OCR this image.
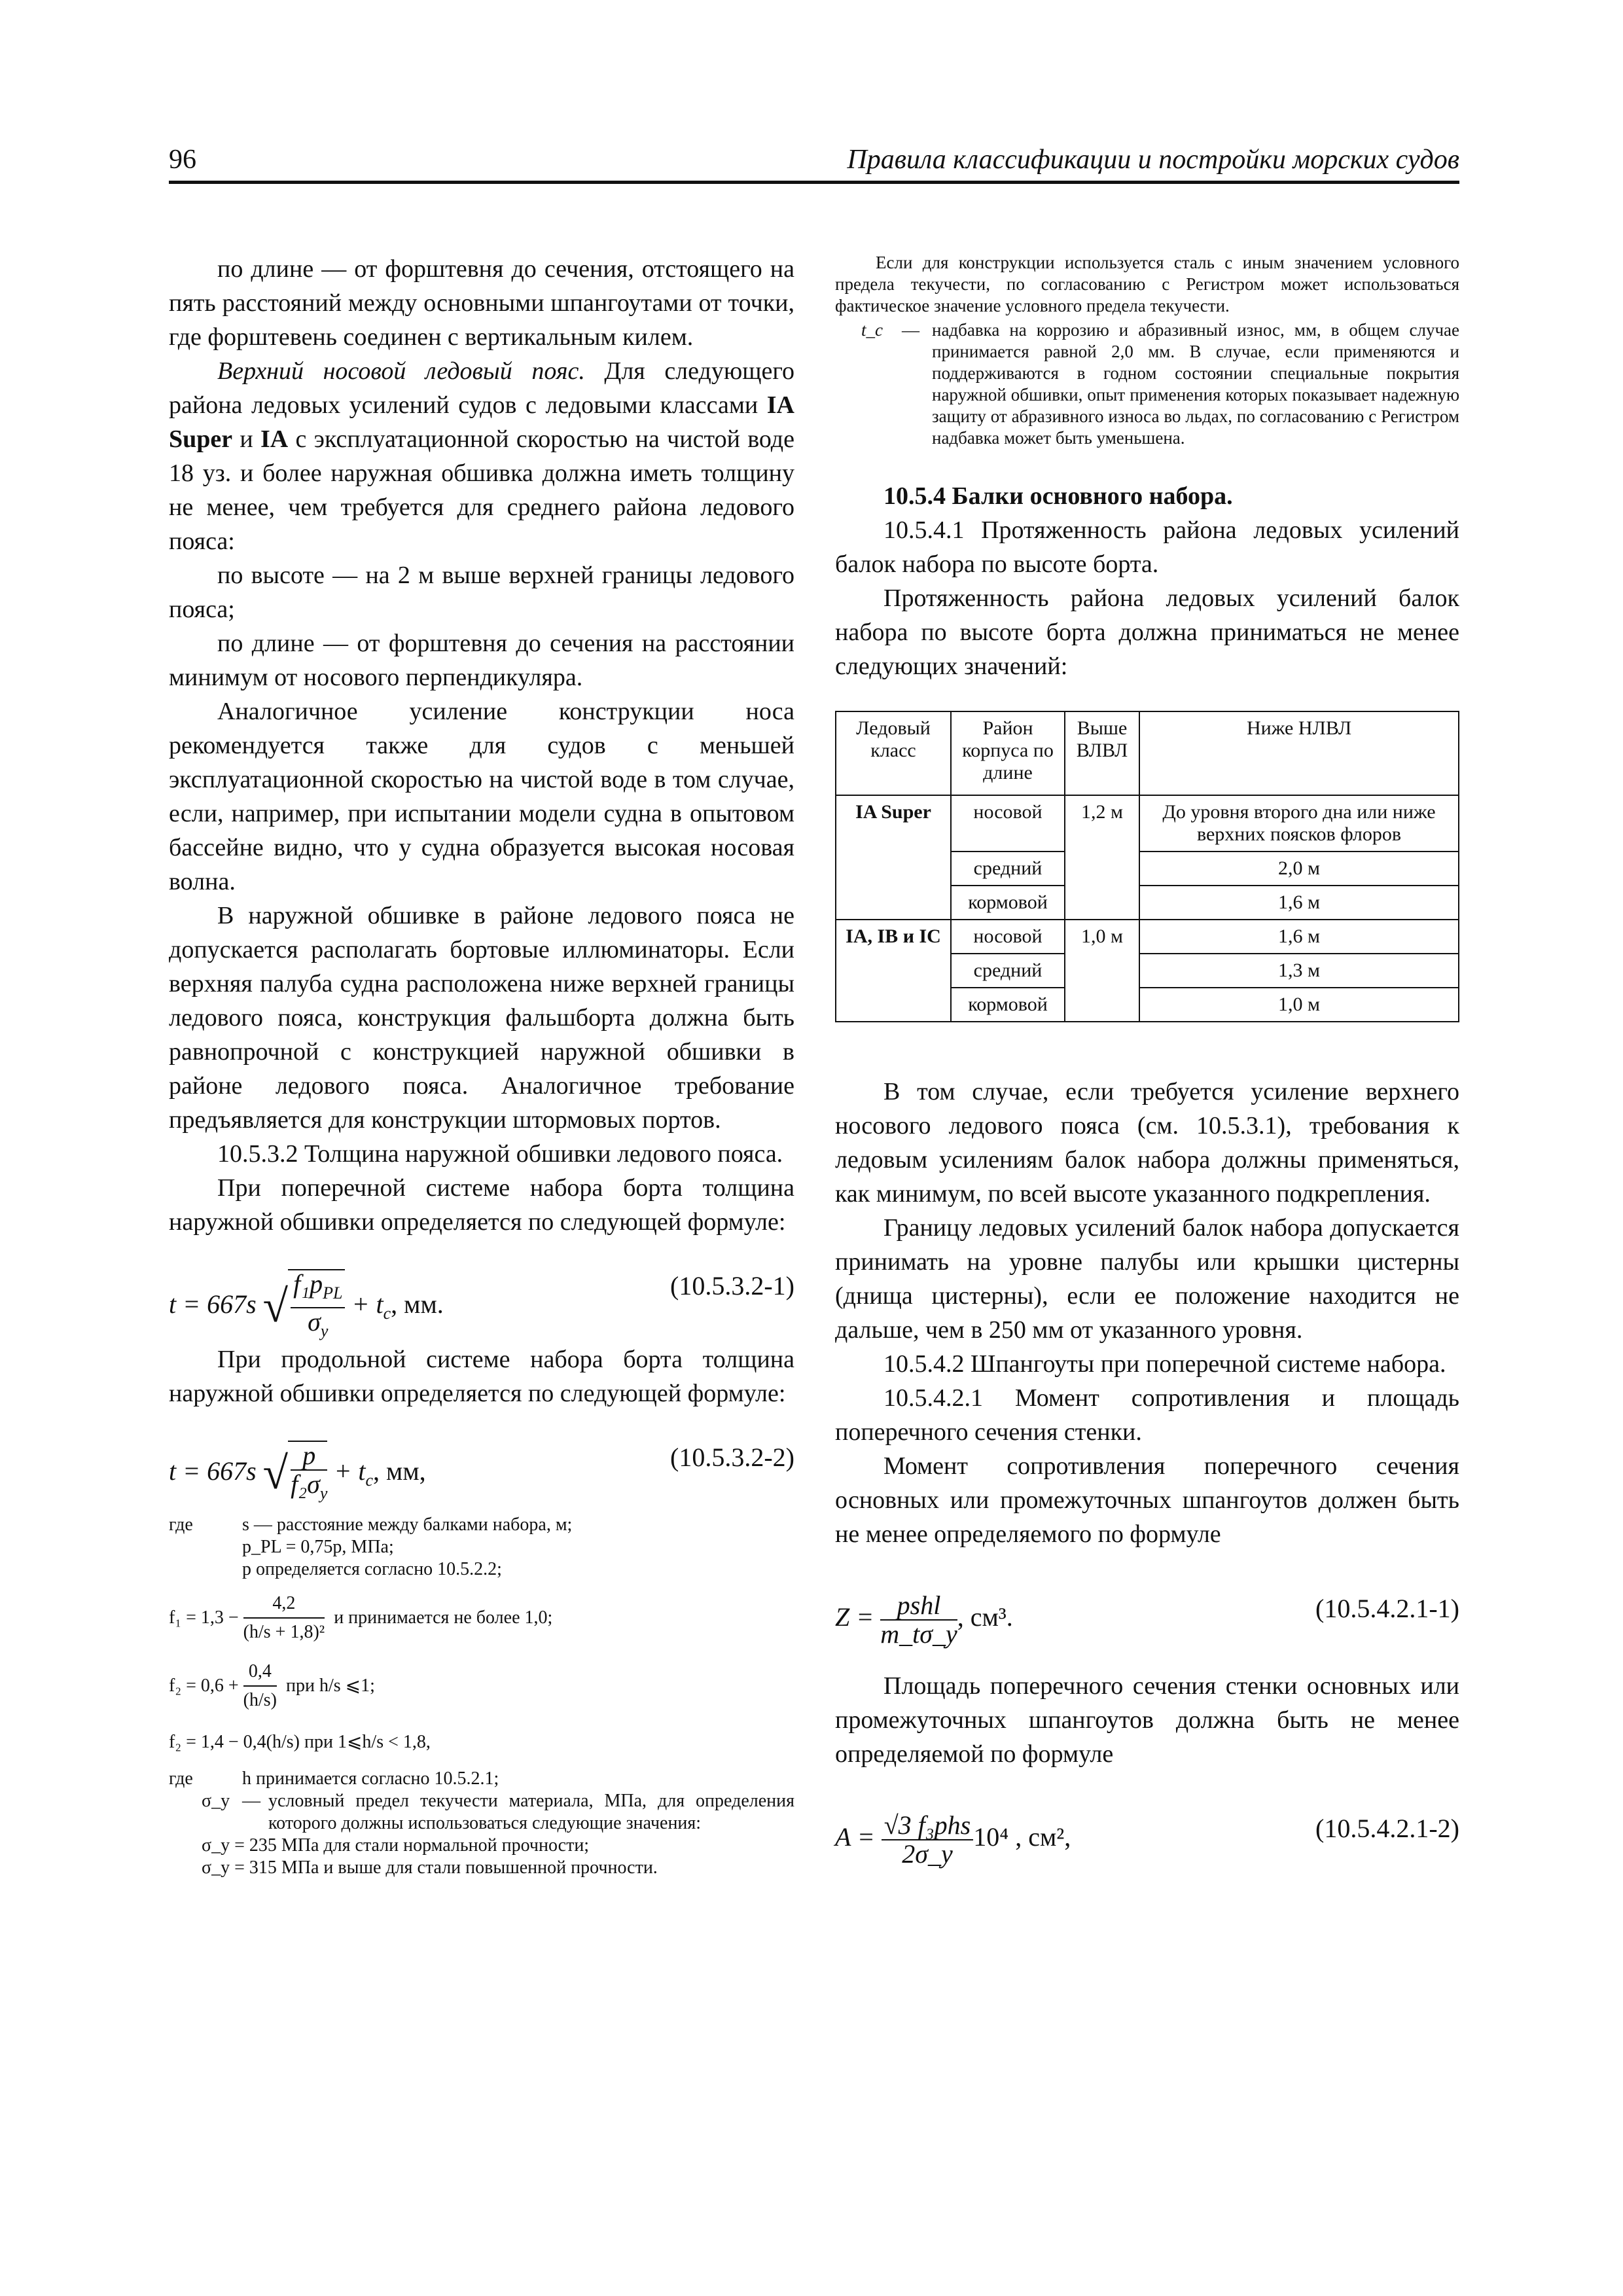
96	Правила классификации и постройки морских судов

по длине — от форштевня до сечения, отстоящего на пять расстояний между основными шпангоутами от точки, где форштевень соединен с вертикальным килем.

Верхний носовой ледовый пояс. Для следующего района ледовых усилений судов с ледовыми классами IA Super и IA с эксплуатационной скоростью на чистой воде 18 уз. и более наружная обшивка должна иметь толщину не менее, чем требуется для среднего района ледового пояса:

по высоте — на 2 м выше верхней границы ледового пояса;

по длине — от форштевня до сечения на расстоянии минимум от носового перпендикуляра.

Аналогичное усиление конструкции носа рекомендуется также для судов с меньшей эксплуатационной скоростью на чистой воде в том случае, если, например, при испытании модели судна в опытовом бассейне видно, что у судна образуется высокая носовая волна.

В наружной обшивке в районе ледового пояса не допускается располагать бортовые иллюминаторы. Если верхняя палуба судна расположена ниже верхней границы ледового пояса, конструкция фальшборта должна быть равнопрочной с конструкцией наружной обшивки в районе ледового пояса. Аналогичное требование предъявляется для конструкции штормовых портов.

10.5.3.2 Толщина наружной обшивки ледового пояса.

При поперечной системе набора борта толщина наружной обшивки определяется по следующей формуле:

t = 667s √ $\frac{f_1p_{PL}}{\sigma_y} + t_c$, мм.
(10.5.3.2-1)

При продольной системе набора борта толщина наружной обшивки определяется по следующей формуле:

t = 667s √ $\frac{p}{f_2\sigma_y} + t_c$, мм,	(10.5.3.2-2)
где	s — расстояние между балками набора, м;
p_PL = 0,75p, МПа;
p определяется согласно 10.5.2.2;
f₁ = 1,3 −
$\frac{4,2}{\text{(h/s + 1,8)²}}$
и принимается не более 1,0;
f₂ = 0,6 +
$\frac{0,4}{(h/s)}$
при h/s ⩽1;
f₂ = 1,4 − 0,4(h/s) при 1⩽h/s < 1,8,
где	h принимается согласно 10.5.2.1;
σ_y — условный предел текучести материала, МПа, для определения которого должны использоваться следующие значения:
σ_y = 235 МПа для стали нормальной прочности;
σ_y = 315 МПа и выше для стали повышенной прочности.

Если для конструкции используется сталь с иным значением условного предела текучести, по согласованию с Регистром может использоваться фактическое значение условного предела текучести.

t_c	— надбавка на коррозию и абразивный износ, мм, в общем случае принимается равной 2,0 мм. В случае, если применяются и поддерживаются в годном состоянии специальные покрытия наружной обшивки, опыт применения которых показывает надежную защиту от абразивного износа во льдах, по согласованию с Регистром надбавка может быть уменьшена.

10.5.4 Балки основного набора.

10.5.4.1 Протяженность района ледовых усилений балок набора по высоте борта.

Протяженность района ледовых усилений балок набора по высоте борта должна приниматься не менее следующих значений:

Ледовый класс	Район корпуса по длине	Выше ВЛВЛ	Ниже НЛВЛ
IA Super	носовой	1,2 м	До уровня второго дна или ниже верхних поясков флоров
	средний		2,0 м
	кормовой		1,6 м
IA, IB и IC	носовой	1,0 м	1,6 м
	средний		1,3 м
	кормовой		1,0 м

В том случае, если требуется усиление верхнего носового ледового пояса (см. 10.5.3.1), требования к ледовым усилениям балок набора должны применяться, как минимум, по всей высоте указанного подкрепления.

Границу ледовых усилений балок набора допускается принимать на уровне палубы или крышки цистерны (днища цистерны), если ее положение находится не дальше, чем в 250 мм от указанного уровня.

10.5.4.2 Шпангоуты при поперечной системе набора.

10.5.4.2.1 Момент сопротивления и площадь поперечного сечения стенки.

Момент сопротивления поперечного сечения основных или промежуточных шпангоутов должен быть не менее определяемого по формуле

$Z = \frac{\text{pshl}}{m\_t\sigma\_y}$ , см³.	(10.5.4.2.1-1)

Площадь поперечного сечения стенки основных или промежуточных шпангоутов должна быть не менее определяемой по формуле

$A = \frac{\text{√3 f₃phs}}{2\sigma\_y} 10^4$ , см²,	(10.5.4.2.1-2)
